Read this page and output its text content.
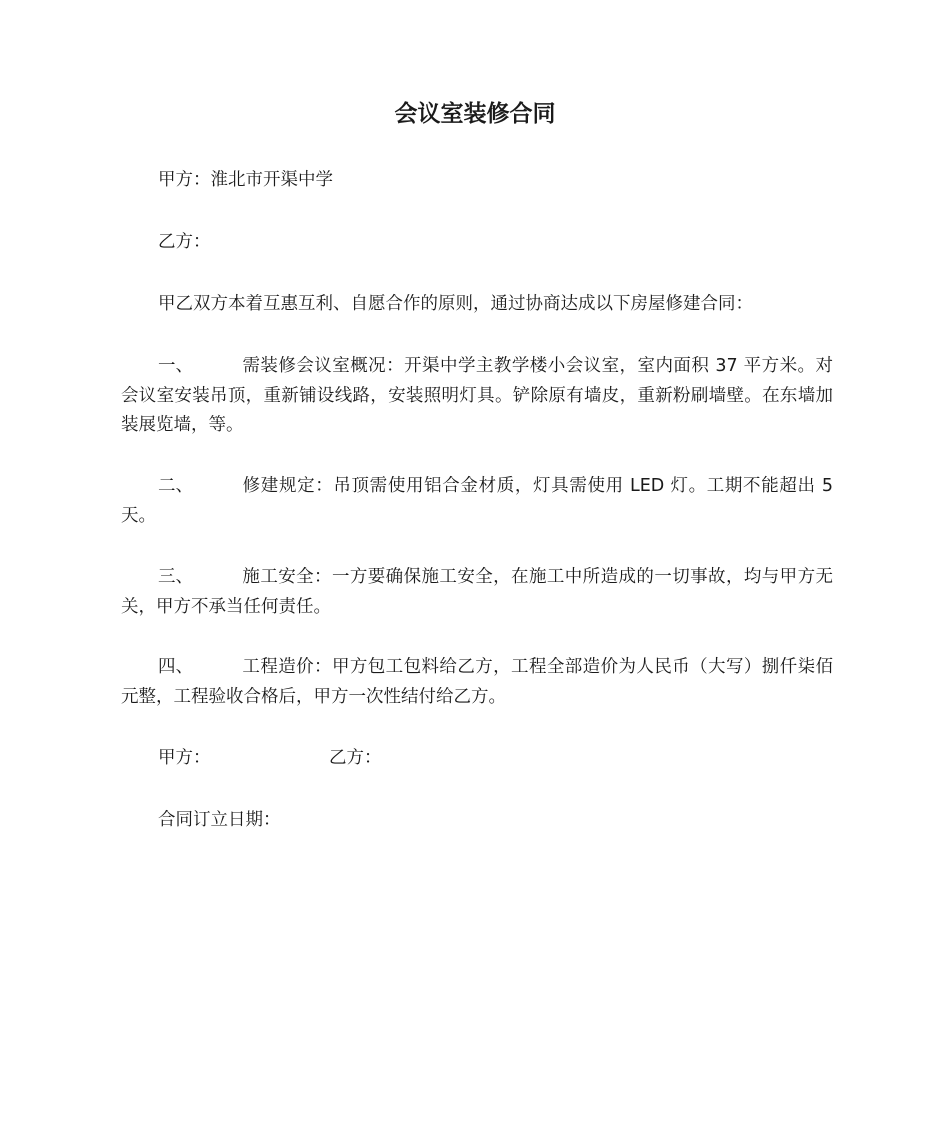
会议室装修合同
甲方：淮北市开渠中学
乙方：
甲乙双方本着互惠互利、自愿合作的原则，通过协商达成以下房屋修建合同：
一、	需装修会议室概况：开渠中学主教学楼小会议室，室内面积 37 平方米。对会议室安装吊顶，重新铺设线路，安装照明灯具。铲除原有墙皮，重新粉刷墙壁。在东墙加装展览墙，等。
二、	修建规定：吊顶需使用铝合金材质，灯具需使用 LED 灯。工期不能超出 5 天。
三、	施工安全：一方要确保施工安全，在施工中所造成的一切事故，均与甲方无关，甲方不承当任何责任。
四、	工程造价：甲方包工包料给乙方，工程全部造价为人民币（大写）捌仟柒佰元整，工程验收合格后，甲方一次性结付给乙方。
甲方：	乙方：
合同订立日期：
